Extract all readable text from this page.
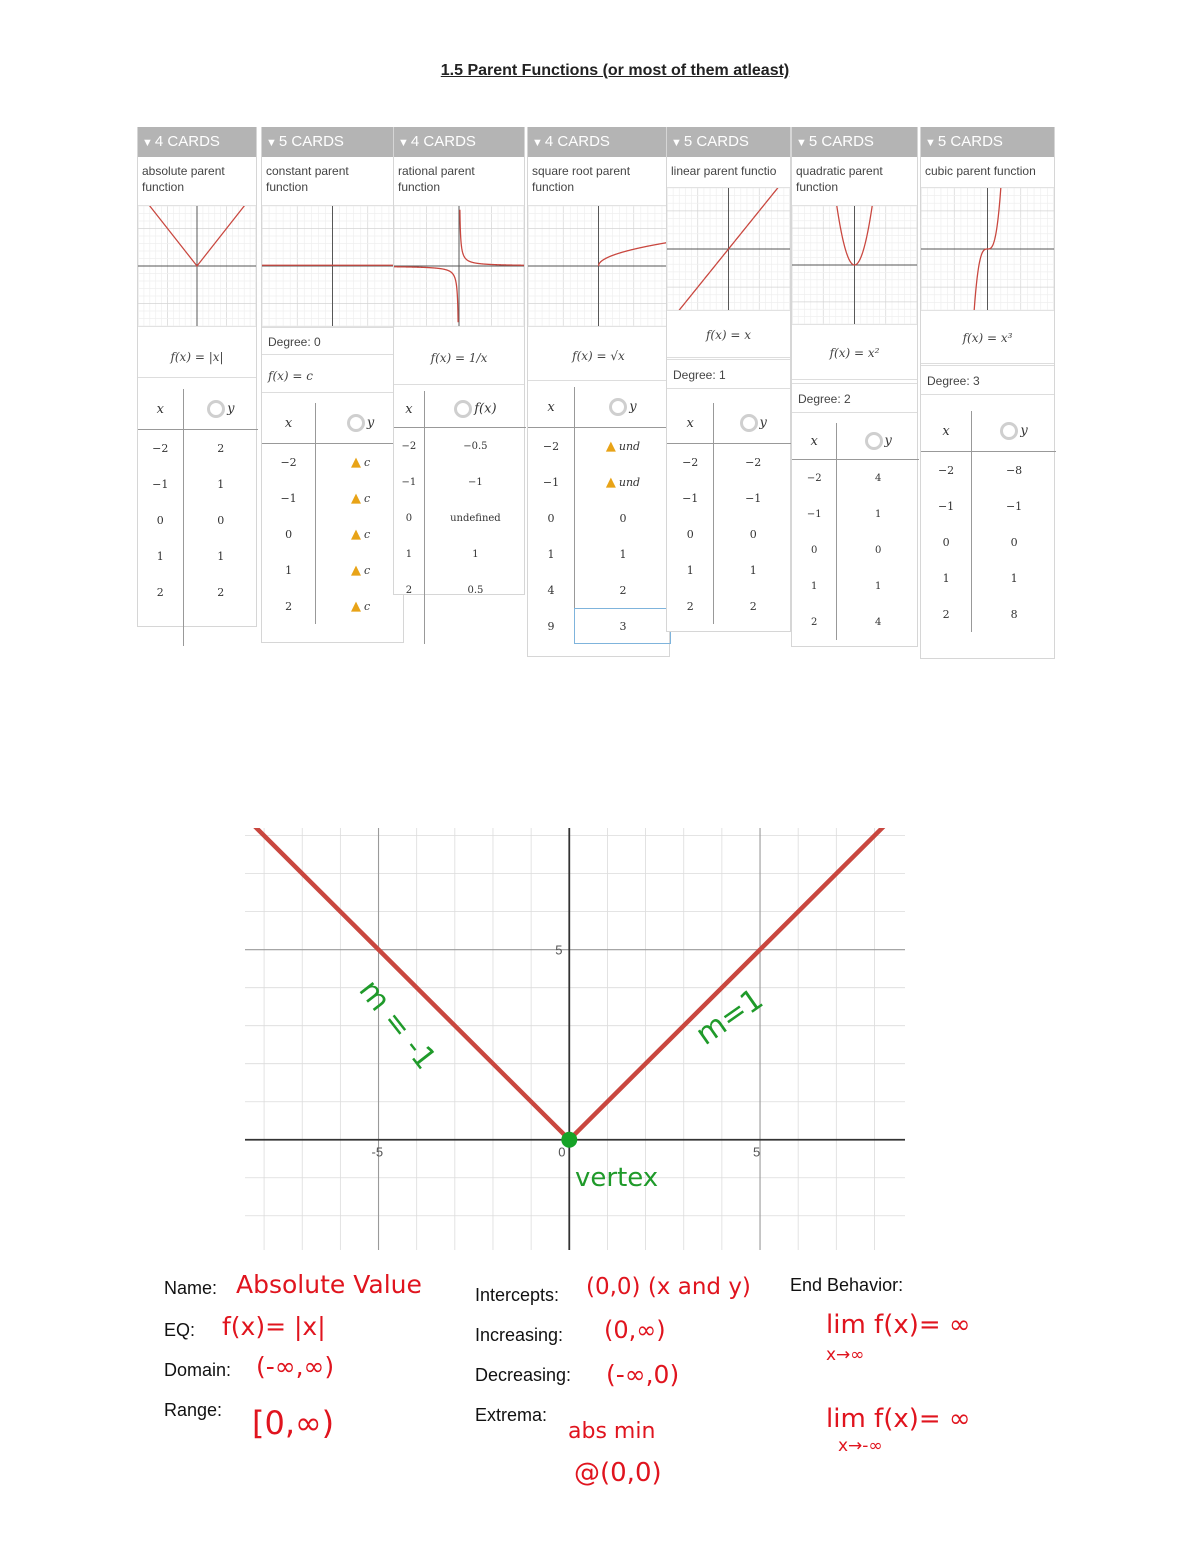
1.5 Parent Functions (or most of them atleast)
▼ 4 CARDS
absolute parent
function
f(x) = |x|
x	y
−2	2
−1	1
0	0
1	1
2	2

▼ 5 CARDS
constant parent
function
Degree: 0
f(x) = c
x	y
−2	▲ c
−1	▲ c
0	▲ c
1	▲ c
2	▲ c
▼ 4 CARDS
rational parent
function
f(x) = 1/x
x	f(x)
−2	−0.5
−1	−1
0	undefined
1	1
2	0.5

▼ 4 CARDS
square root parent
function
f(x) = √x
x	y
−2	▲ und
−1	▲ und
0	0
1	1
4	2
9	3
▼ 5 CARDS
linear parent functio
f(x) = x
Degree: 1
x	y
−2	−2
−1	−1
0	0
1	1
2	2
▼ 5 CARDS
quadratic parent
function
f(x) = x²
Degree: 2
x	y
−2	4
−1	1
0	0
1	1
2	4
▼ 5 CARDS
cubic parent function
f(x) = x³
Degree: 3
x	y
−2	−8
−1	−1
0	0
1	1
2	8
-5	0	5
5
m = -1	m=1
vertex
Name: Absolute Value
EQ: f(x)= |x|
Domain: (-∞,∞)
Range: [0,∞)
Intercepts: (0,0) (x and y)
Increasing: (0,∞)
Decreasing: (-∞,0)
Extrema:
abs min
@(0,0)
End Behavior:
lim f(x)= ∞
x→∞
lim f(x)= ∞
x→-∞
